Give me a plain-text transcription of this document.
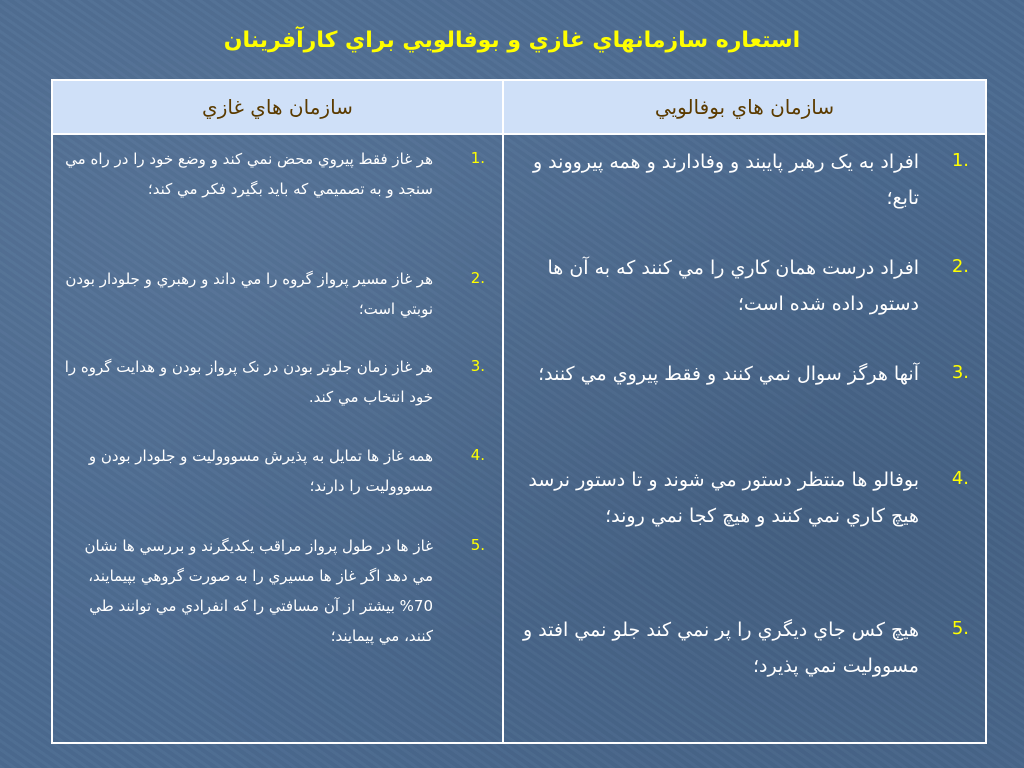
استعاره سازمانهاي غازي و بوفالويي براي كارآفرينان
سازمان هاي بوفالويي
سازمان هاي غازي
1.
افراد به يک رهبر پايبند و وفادارند و همه پيرووند و تابع؛
2.
افراد درست همان كاري را مي كنند كه به آن ها دستور داده شده است؛
3.
آنها هرگز سوال نمي كنند و فقط پيروي مي كنند؛
4.
بوفالو ها منتظر دستور مي شوند و تا دستور نرسد هيچ كاري نمي كنند و هيچ كجا نمي روند؛
5.
هيچ كس جاي ديگري را پر نمي كند جلو نمي افتد و مسووليت نمي پذيرد؛
1.
هر غاز فقط پيروي محض نمي كند و وضع خود را در راه مي سنجد و به تصميمي كه بايد بگيرد فكر مي كند؛
2.
هر غاز مسير پرواز گروه را مي داند و رهبري و جلودار بودن نوبتي است؛
3.
هر غاز زمان جلوتر بودن در نک پرواز بودن و هدايت گروه را خود انتخاب مي كند.
4.
همه غاز ها تمايل به پذيرش مسوووليت و جلودار بودن و مسوووليت را دارند؛
5.
غاز ها در طول پرواز مراقب يكديگرند و بررسي ها نشان مي دهد اگر غاز ها مسيري را به صورت گروهي بپيمايند، 70% بيشتر از آن مسافتي را كه انفرادي مي توانند طي كنند، مي پيمايند؛
